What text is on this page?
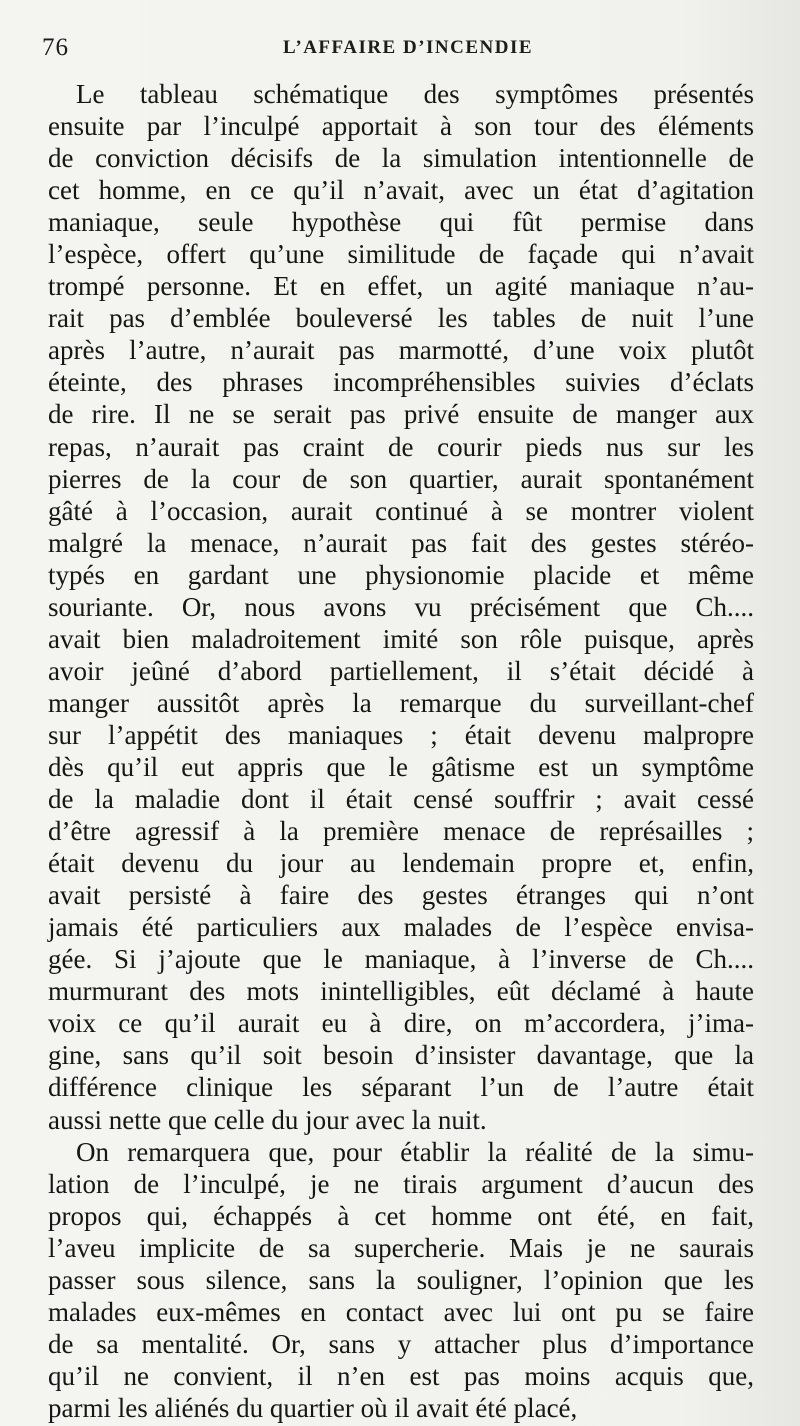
76	L’AFFAIRE D’INCENDIE
Le tableau schématique des symptômes présentés
ensuite par l’inculpé apportait à son tour des éléments
de conviction décisifs de la simulation intentionnelle de
cet homme, en ce qu’il n’avait, avec un état d’agitation
maniaque, seule hypothèse qui fût permise dans
l’espèce, offert qu’une similitude de façade qui n’avait
trompé personne. Et en effet, un agité maniaque n’au-
rait pas d’emblée bouleversé les tables de nuit l’une
après l’autre, n’aurait pas marmotté, d’une voix plutôt
éteinte, des phrases incompréhensibles suivies d’éclats
de rire. Il ne se serait pas privé ensuite de manger aux
repas, n’aurait pas craint de courir pieds nus sur les
pierres de la cour de son quartier, aurait spontanément
gâté à l’occasion, aurait continué à se montrer violent
malgré la menace, n’aurait pas fait des gestes stéréo-
typés en gardant une physionomie placide et même
souriante. Or, nous avons vu précisément que Ch....
avait bien maladroitement imité son rôle puisque, après
avoir jeûné d’abord partiellement, il s’était décidé à
manger aussitôt après la remarque du surveillant-chef
sur l’appétit des maniaques ; était devenu malpropre
dès qu’il eut appris que le gâtisme est un symptôme
de la maladie dont il était censé souffrir ; avait cessé
d’être agressif à la première menace de représailles ;
était devenu du jour au lendemain propre et, enfin,
avait persisté à faire des gestes étranges qui n’ont
jamais été particuliers aux malades de l’espèce envisa-
gée. Si j’ajoute que le maniaque, à l’inverse de Ch....
murmurant des mots inintelligibles, eût déclamé à haute
voix ce qu’il aurait eu à dire, on m’accordera, j’ima-
gine, sans qu’il soit besoin d’insister davantage, que la
différence clinique les séparant l’un de l’autre était
aussi nette que celle du jour avec la nuit.
On remarquera que, pour établir la réalité de la simu-
lation de l’inculpé, je ne tirais argument d’aucun des
propos qui, échappés à cet homme ont été, en fait,
l’aveu implicite de sa supercherie. Mais je ne saurais
passer sous silence, sans la souligner, l’opinion que les
malades eux-mêmes en contact avec lui ont pu se faire
de sa mentalité. Or, sans y attacher plus d’importance
qu’il ne convient, il n’en est pas moins acquis que,
parmi les aliénés du quartier où il avait été placé,
